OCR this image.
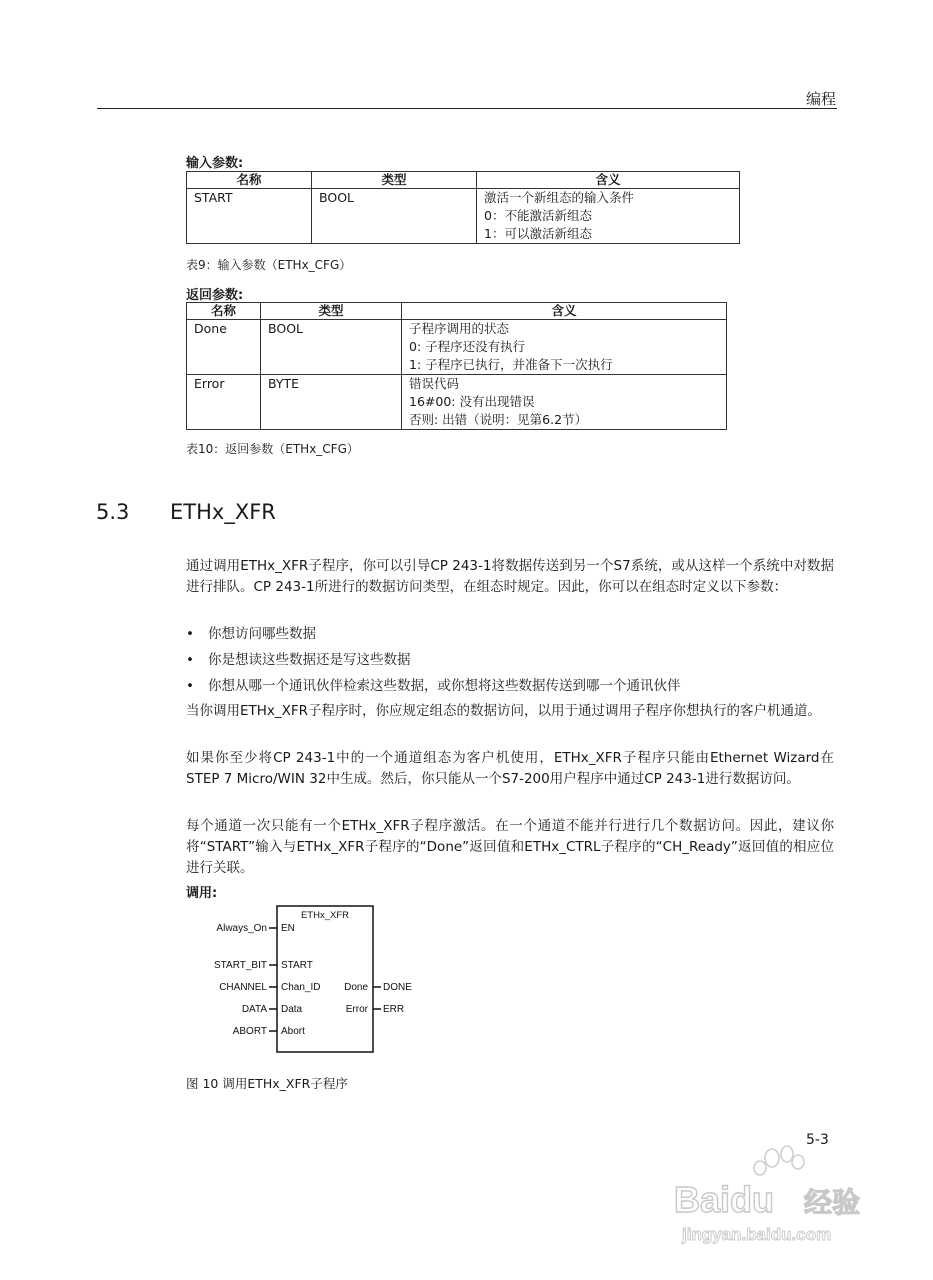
编程
输入参数:
名称	类型	含义
START	BOOL	激活一个新组态的输入条件
0：不能激活新组态
1：可以激活新组态
表9：输入参数（ETHx_CFG）
返回参数:
名称	类型	含义
Done	BOOL	子程序调用的状态
0: 子程序还没有执行
1: 子程序已执行，并准备下一次执行

Error	BYTE	错误代码
16#00: 没有出现错误
否则: 出错（说明：见第6.2节）
表10：返回参数（ETHx_CFG）
5.3 ETHx_XFR
通过调用ETHx_XFR子程序，你可以引导CP 243-1将数据传送到另一个S7系统，或从这样一个系统中对数据进行排队。CP 243-1所进行的数据访问类型，在组态时规定。因此，你可以在组态时定义以下参数：
• 你想访问哪些数据
• 你是想读这些数据还是写这些数据
• 你想从哪一个通讯伙伴检索这些数据，或你想将这些数据传送到哪一个通讯伙伴
当你调用ETHx_XFR子程序时，你应规定组态的数据访问，以用于通过调用子程序你想执行的客户机通道。
如果你至少将CP 243-1中的一个通道组态为客户机使用，ETHx_XFR子程序只能由Ethernet Wizard在STEP 7 Micro/WIN 32中生成。然后，你只能从一个S7-200用户程序中通过CP 243-1进行数据访问。
每个通道一次只能有一个ETHx_XFR子程序激活。在一个通道不能并行进行几个数据访问。因此，建议你将“START”输入与ETHx_XFR子程序的“Done”返回值和ETHx_CTRL子程序的“CH_Ready”返回值的相应位进行关联。
调用:
ETHx_XFR
Always_On
START_BIT
CHANNEL
DATA
ABORT
EN
START
Chan_ID
Data
Abort
Done
Error
DONE
ERR
图 10 调用ETHx_XFR子程序
5-3
Baidu 经验
jingyan.baidu.com
